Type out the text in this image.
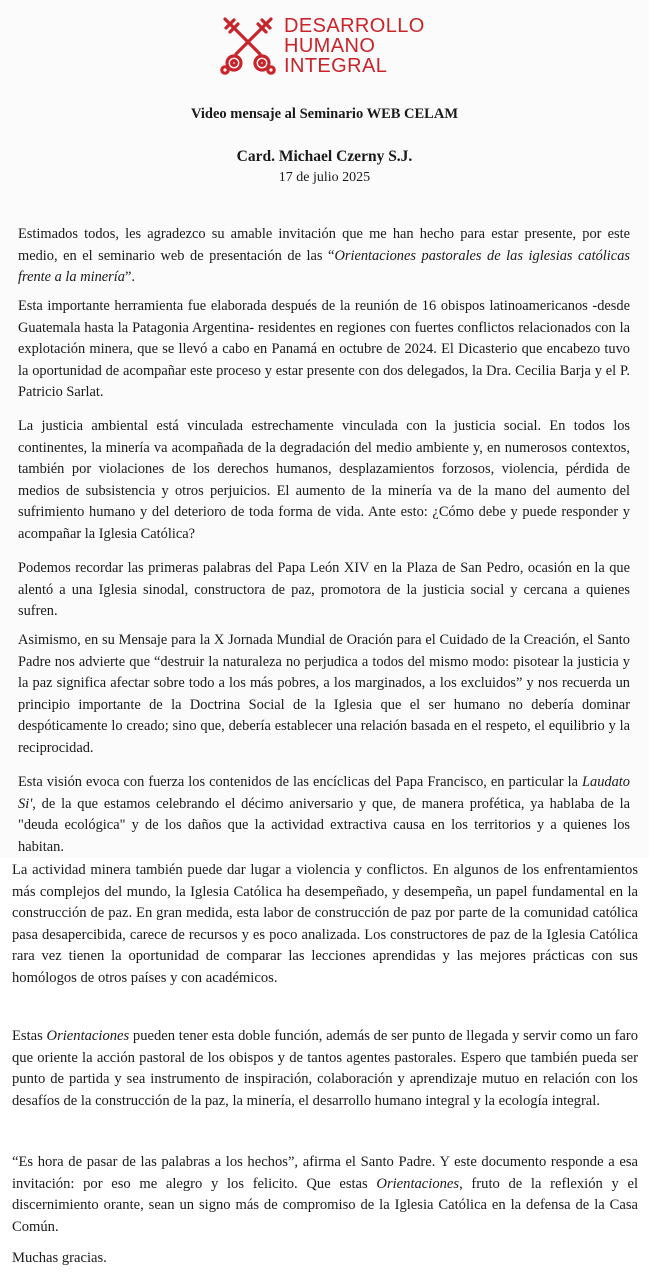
DESARROLLO
HUMANO
INTEGRAL
Video mensaje al Seminario WEB CELAM
Card. Michael Czerny S.J.
17 de julio 2025

Estimados todos, les agradezco su amable invitación que me han hecho para estar presente, por este medio, en el seminario web de presentación de las “Orientaciones pastorales de las iglesias católicas frente a la minería”.

Esta importante herramienta fue elaborada después de la reunión de 16 obispos latinoamericanos -desde Guatemala hasta la Patagonia Argentina- residentes en regiones con fuertes conflictos relacionados con la explotación minera, que se llevó a cabo en Panamá en octubre de 2024. El Dicasterio que encabezo tuvo la oportunidad de acompañar este proceso y estar presente con dos delegados, la Dra. Cecilia Barja y el P. Patricio Sarlat.

La justicia ambiental está vinculada estrechamente vinculada con la justicia social. En todos los continentes, la minería va acompañada de la degradación del medio ambiente y, en numerosos contextos, también por violaciones de los derechos humanos, desplazamientos forzosos, violencia, pérdida de medios de subsistencia y otros perjuicios. El aumento de la minería va de la mano del aumento del sufrimiento humano y del deterioro de toda forma de vida. Ante esto: ¿Cómo debe y puede responder y acompañar la Iglesia Católica?

Podemos recordar las primeras palabras del Papa León XIV en la Plaza de San Pedro, ocasión en la que alentó a una Iglesia sinodal, constructora de paz, promotora de la justicia social y cercana a quienes sufren.

Asimismo, en su Mensaje para la X Jornada Mundial de Oración para el Cuidado de la Creación, el Santo Padre nos advierte que “destruir la naturaleza no perjudica a todos del mismo modo: pisotear la justicia y la paz significa afectar sobre todo a los más pobres, a los marginados, a los excluidos” y nos recuerda un principio importante de la Doctrina Social de la Iglesia que el ser humano no debería dominar despóticamente lo creado; sino que, debería establecer una relación basada en el respeto, el equilibrio y la reciprocidad.

Esta visión evoca con fuerza los contenidos de las encíclicas del Papa Francisco, en particular la Laudato Si', de la que estamos celebrando el décimo aniversario y que, de manera profética, ya hablaba de la "deuda ecológica" y de los daños que la actividad extractiva causa en los territorios y a quienes los habitan.

La actividad minera también puede dar lugar a violencia y conflictos. En algunos de los enfrentamientos más complejos del mundo, la Iglesia Católica ha desempeñado, y desempeña, un papel fundamental en la construcción de paz. En gran medida, esta labor de construcción de paz por parte de la comunidad católica pasa desapercibida, carece de recursos y es poco analizada. Los constructores de paz de la Iglesia Católica rara vez tienen la oportunidad de comparar las lecciones aprendidas y las mejores prácticas con sus homólogos de otros países y con académicos.

Estas Orientaciones pueden tener esta doble función, además de ser punto de llegada y servir como un faro que oriente la acción pastoral de los obispos y de tantos agentes pastorales. Espero que también pueda ser punto de partida y sea instrumento de inspiración, colaboración y aprendizaje mutuo en relación con los desafíos de la construcción de la paz, la minería, el desarrollo humano integral y la ecología integral.

“Es hora de pasar de las palabras a los hechos”, afirma el Santo Padre. Y este documento responde a esa invitación: por eso me alegro y los felicito. Que estas Orientaciones, fruto de la reflexión y el discernimiento orante, sean un signo más de compromiso de la Iglesia Católica en la defensa de la Casa Común.

Muchas gracias.
